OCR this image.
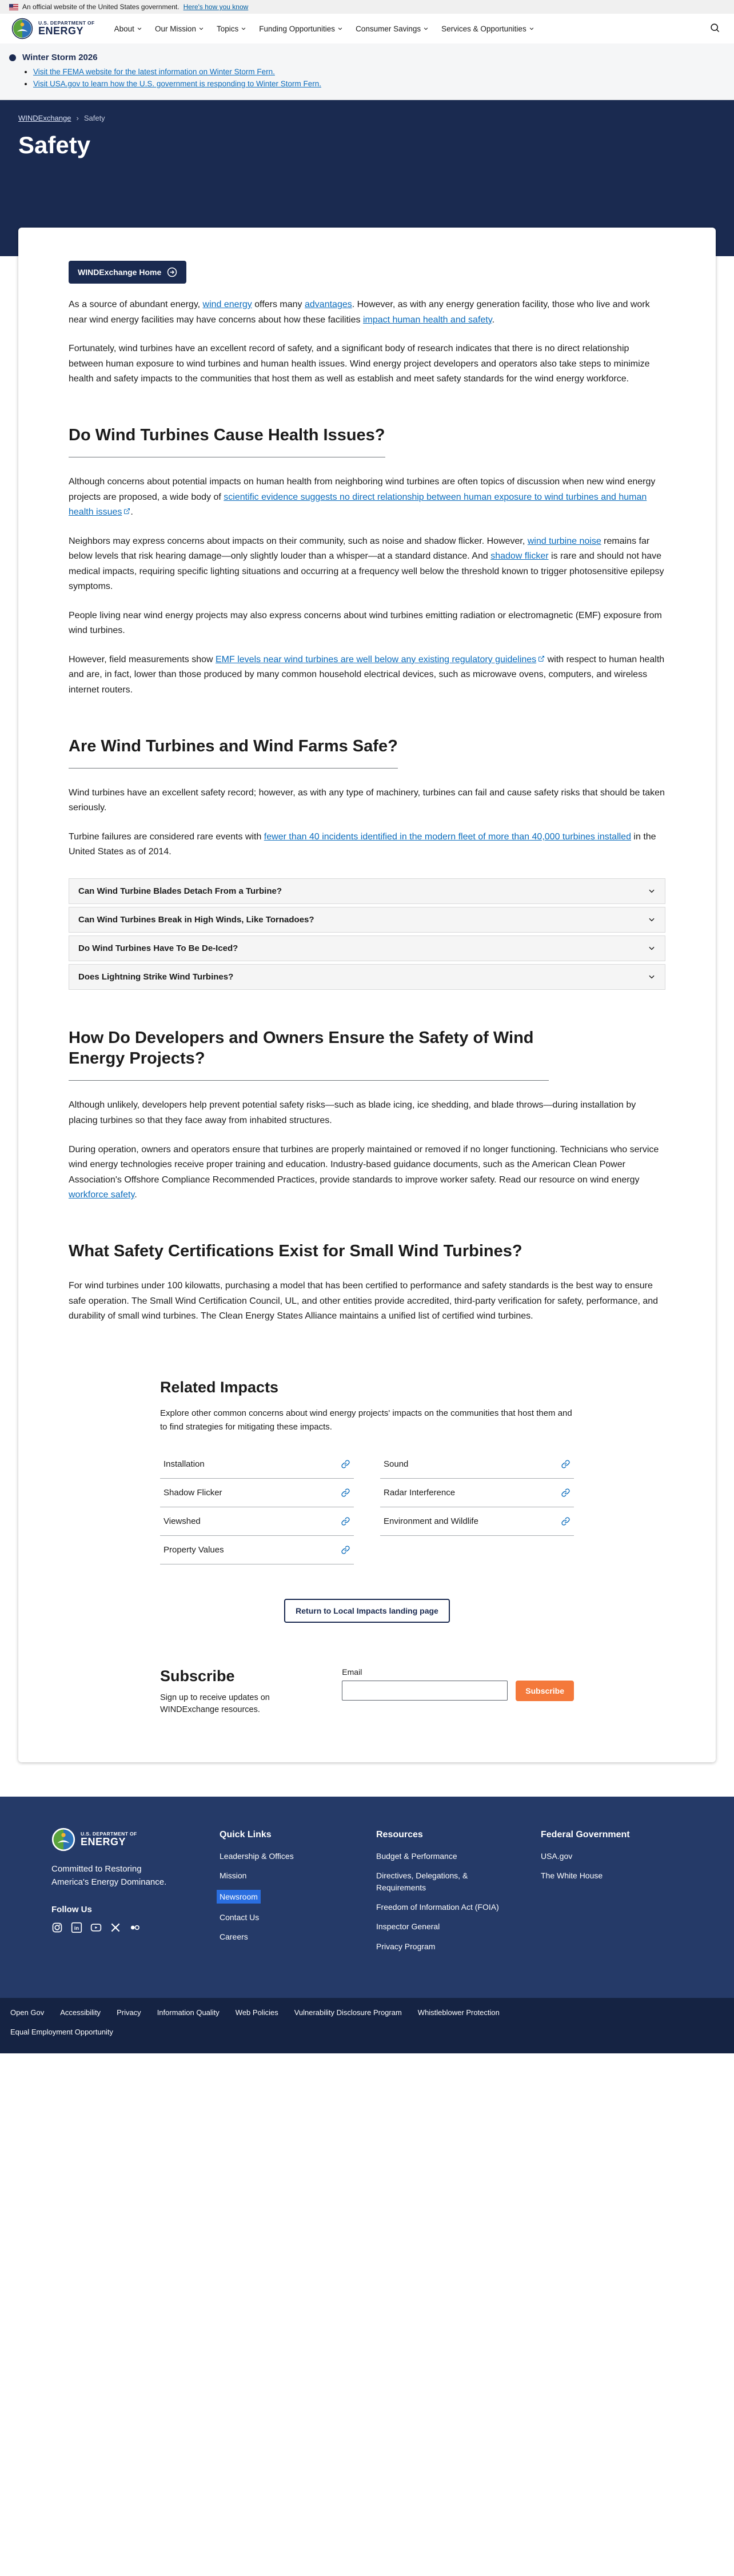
An official website of the United States government. Here's how you know
U.S. DEPARTMENT OF
ENERGY	About	Our Mission	Topics	Funding Opportunities	Consumer Savings	Services & Opportunities
Winter Storm 2026
• Visit the FEMA website for the latest information on Winter Storm Fern.
• Visit USA.gov to learn how the U.S. government is responding to Winter Storm Fern.
WINDExchange › Safety
Safety
WINDExchange Home

As a source of abundant energy, wind energy offers many advantages. However, as with any energy generation facility, those who live and work near wind energy facilities may have concerns about how these facilities impact human health and safety.

Fortunately, wind turbines have an excellent record of safety, and a significant body of research indicates that there is no direct relationship between human exposure to wind turbines and human health issues. Wind energy project developers and operators also take steps to minimize health and safety impacts to the communities that host them as well as establish and meet safety standards for the wind energy workforce.

Do Wind Turbines Cause Health Issues?

Although concerns about potential impacts on human health from neighboring wind turbines are often topics of discussion when new wind energy projects are proposed, a wide body of scientific evidence suggests no direct relationship between human exposure to wind turbines and human health issues .

Neighbors may express concerns about impacts on their community, such as noise and shadow flicker. However, wind turbine noise remains far below levels that risk hearing damage—only slightly louder than a whisper—at a standard distance. And shadow flicker is rare and should not have medical impacts, requiring specific lighting situations and occurring at a frequency well below the threshold known to trigger photosensitive epilepsy symptoms.

People living near wind energy projects may also express concerns about wind turbines emitting radiation or electromagnetic (EMF) exposure from wind turbines.

However, field measurements show EMF levels near wind turbines are well below any existing regulatory guidelines with respect to human health and are, in fact, lower than those produced by many common household electrical devices, such as microwave ovens, computers, and wireless internet routers.

Are Wind Turbines and Wind Farms Safe?

Wind turbines have an excellent safety record; however, as with any type of machinery, turbines can fail and cause safety risks that should be taken seriously.

Turbine failures are considered rare events with fewer than 40 incidents identified in the modern fleet of more than 40,000 turbines installed in the United States as of 2014.

Can Wind Turbine Blades Detach From a Turbine?
Can Wind Turbines Break in High Winds, Like Tornadoes?
Do Wind Turbines Have To Be De-Iced?
Does Lightning Strike Wind Turbines?
How Do Developers and Owners Ensure the Safety of Wind Energy Projects?

Although unlikely, developers help prevent potential safety risks—such as blade icing, ice shedding, and blade throws—during installation by placing turbines so that they face away from inhabited structures.

During operation, owners and operators ensure that turbines are properly maintained or removed if no longer functioning. Technicians who service wind energy technologies receive proper training and education. Industry-based guidance documents, such as the American Clean Power Association's Offshore Compliance Recommended Practices, provide standards to improve worker safety. Read our resource on wind energy workforce safety.

What Safety Certifications Exist for Small Wind Turbines?

For wind turbines under 100 kilowatts, purchasing a model that has been certified to performance and safety standards is the best way to ensure safe operation. The Small Wind Certification Council, UL, and other entities provide accredited, third-party verification for safety, performance, and durability of small wind turbines. The Clean Energy States Alliance maintains a unified list of certified wind turbines.

Related Impacts

Explore other common concerns about wind energy projects' impacts on the communities that host them and to find strategies for mitigating these impacts.

Installation
Shadow Flicker
Viewshed
Property Values
Sound
Radar Interference
Environment and Wildlife
Return to Local Impacts landing page
Subscribe

Sign up to receive updates on WINDExchange resources.

Email
Subscribe
U.S. DEPARTMENT OF
ENERGY

Committed to Restoring America's Energy Dominance.

Follow Us

in
Quick Links
Leadership & Offices
Mission
Newsroom
Contact Us
Careers
Resources
Budget & Performance
Directives, Delegations, & Requirements
Freedom of Information Act (FOIA)
Inspector General
Privacy Program
Federal Government
USA.gov
The White House
Open Gov Accessibility Privacy Information Quality Web Policies Vulnerability Disclosure Program Whistleblower Protection
Equal Employment Opportunity
